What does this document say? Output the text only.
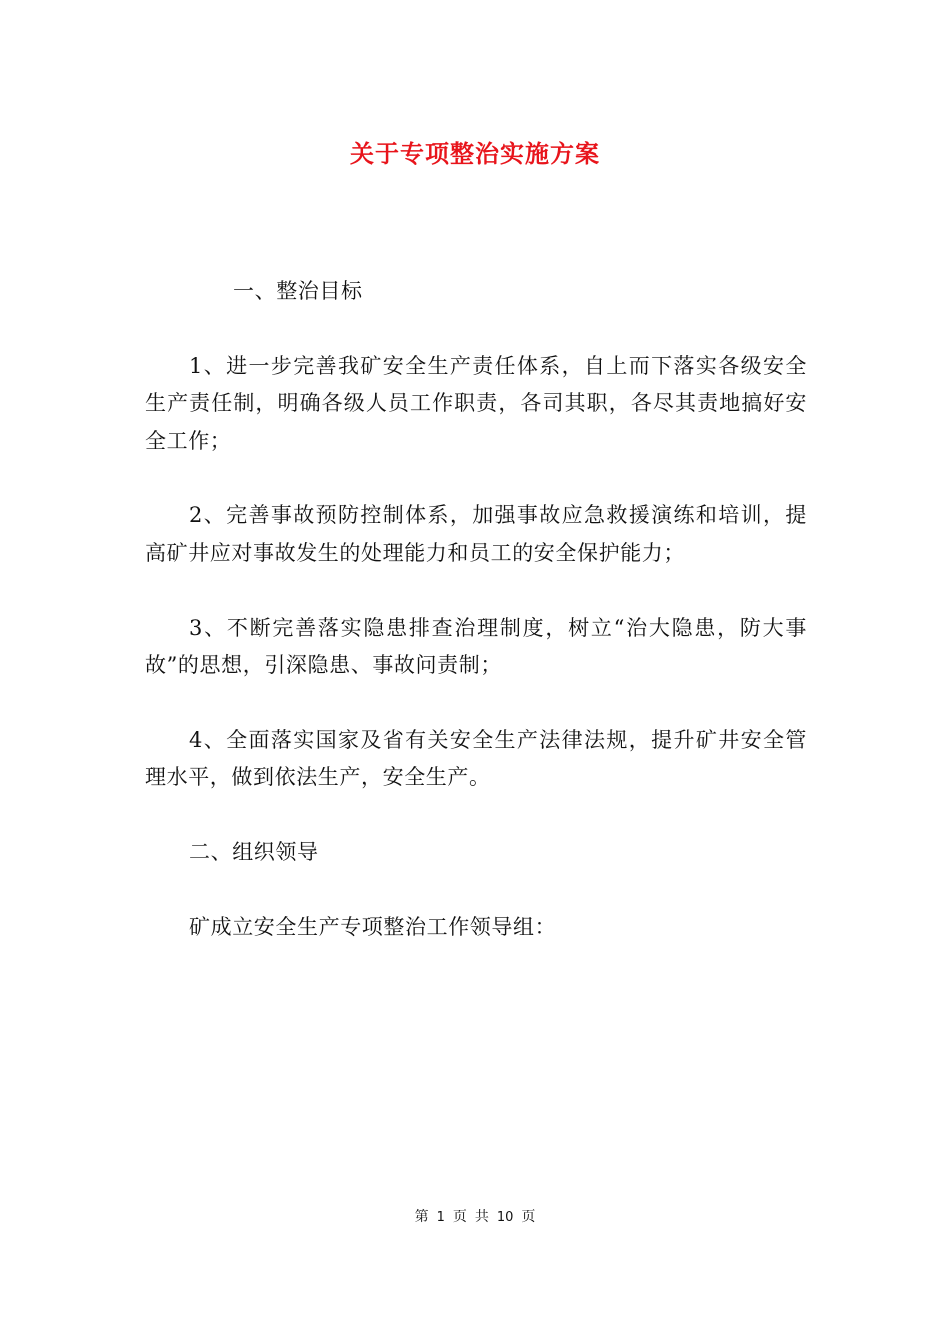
关于专项整治实施方案

一、整治目标

1、进一步完善我矿安全生产责任体系，自上而下落实各级安全生产责任制，明确各级人员工作职责，各司其职，各尽其责地搞好安全工作；

2、完善事故预防控制体系，加强事故应急救援演练和培训，提高矿井应对事故发生的处理能力和员工的安全保护能力；

3、不断完善落实隐患排查治理制度，树立“治大隐患，防大事故”的思想，引深隐患、事故问责制；

4、全面落实国家及省有关安全生产法律法规，提升矿井安全管理水平，做到依法生产，安全生产。

二、组织领导

矿成立安全生产专项整治工作领导组：

第 1 页 共 10 页
